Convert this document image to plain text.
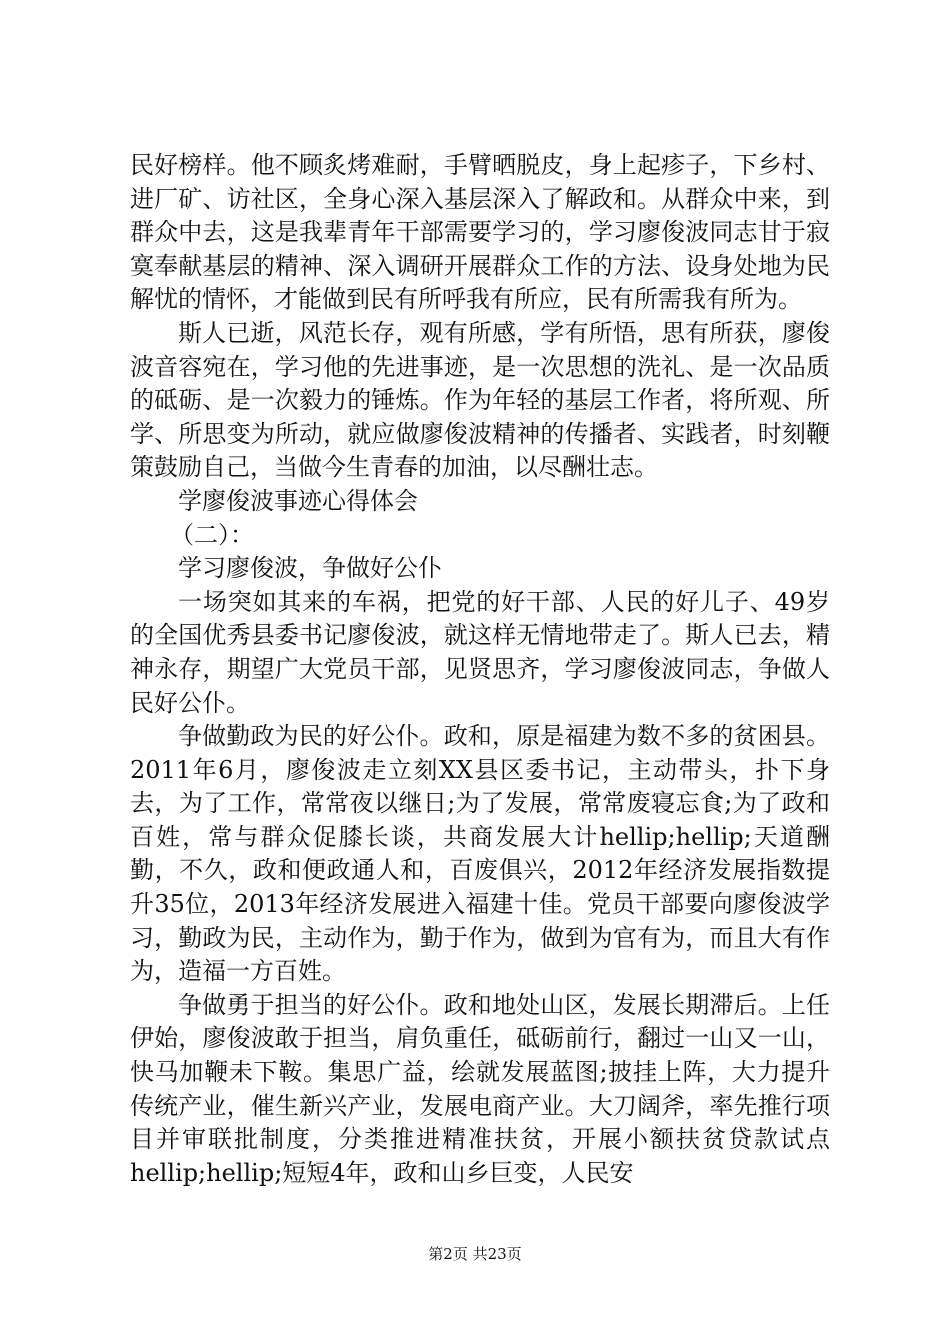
民好榜样。他不顾炙烤难耐，手臂晒脱皮，身上起疹子，下乡村、进厂矿、访社区，全身心深入基层深入了解政和。从群众中来，到群众中去，这是我辈青年干部需要学习的，学习廖俊波同志甘于寂寞奉献基层的精神、深入调研开展群众工作的方法、设身处地为民解忧的情怀，才能做到民有所呼我有所应，民有所需我有所为。

斯人已逝，风范长存，观有所感，学有所悟，思有所获，廖俊波音容宛在，学习他的先进事迹，是一次思想的洗礼、是一次品质的砥砺、是一次毅力的锤炼。作为年轻的基层工作者，将所观、所学、所思变为所动，就应做廖俊波精神的传播者、实践者，时刻鞭策鼓励自己，当做今生青春的加油，以尽酬壮志。

学廖俊波事迹心得体会

（二）：

学习廖俊波，争做好公仆

一场突如其来的车祸，把党的好干部、人民的好儿子、49岁的全国优秀县委书记廖俊波，就这样无情地带走了。斯人已去，精神永存，期望广大党员干部，见贤思齐，学习廖俊波同志，争做人民好公仆。

争做勤政为民的好公仆。政和，原是福建为数不多的贫困县。2011年6月，廖俊波走立刻XX县区委书记，主动带头，扑下身去，为了工作，常常夜以继日;为了发展，常常废寝忘食;为了政和百姓，常与群众促膝长谈，共商发展大计hellip;hellip;天道酬勤，不久，政和便政通人和，百废俱兴，2012年经济发展指数提升35位，2013年经济发展进入福建十佳。党员干部要向廖俊波学习，勤政为民，主动作为，勤于作为，做到为官有为，而且大有作为，造福一方百姓。

争做勇于担当的好公仆。政和地处山区，发展长期滞后。上任伊始，廖俊波敢于担当，肩负重任，砥砺前行，翻过一山又一山，快马加鞭未下鞍。集思广益，绘就发展蓝图;披挂上阵，大力提升传统产业，催生新兴产业，发展电商产业。大刀阔斧，率先推行项目并审联批制度，分类推进精准扶贫，开展小额扶贫贷款试点hellip;hellip;短短4年，政和山乡巨变，人民安

第2页 共23页
